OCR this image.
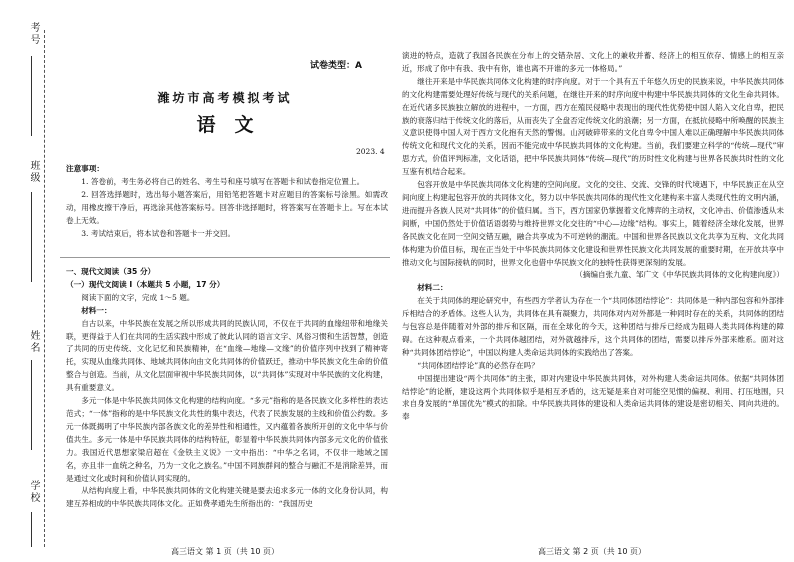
考号
班级
姓名
学校
试卷类型：A
潍坊市高考模拟考试
语　文
2023. 4

注意事项：

1. 答卷前，考生务必将自己的姓名、考生号和座号填写在答题卡和试卷指定位置上。

2. 回答选择题时，选出每小题答案后，用铅笔把答题卡对应题目的答案标号涂黑。如需改动，用橡皮擦干净后，再选涂其他答案标号。回答非选择题时，将答案写在答题卡上。写在本试卷上无效。

3. 考试结束后，将本试卷和答题卡一并交回。

一、现代文阅读（35 分）

（一）现代文阅读 Ⅰ（本题共 5 小题，17 分）

阅读下面的文字，完成 1～5 题。

材料一：

自古以来，中华民族在发展之所以形成共同的民族认同，不仅在于共同的血缘纽带和地缘关联，更得益于人们在共同的生活实践中形成了彼此认同的语言文字、风俗习惯和生活智慧，创造了共同的历史传统、文化记忆和民族精神，在“血缘—地缘—文缘”的价值序列中找到了精神寄托，实现从血缘共同体、地域共同体向由文化共同体的价值跃迁，推动中华民族文化生命的价值整合与创造。当前，从文化层面审视中华民族共同体，以“共同体”实现对中华民族的文化构建，具有重要意义。

多元一体是中华民族共同体文化构建的结构向度。“多元”指称的是各民族文化多样性的表达范式；“一体”指称的是中华民族文化共性的集中表达，代表了民族发展的主线和价值公约数。多元一体既揭明了中华民族内部各族文化的差异性和相通性，又内蕴着各族所开创的文化中华与价值共生。多元一体是中华民族共同体的结构特征，彰显着中华民族共同体内部多元文化的价值张力。我国近代思想家梁启超在《金铁主义说》一文中指出：“中华之名词，不仅非一地域之国名，亦且非一血统之种名，乃为一文化之族名。”中国不同族群间的整合与融汇不是消除差异，而是通过文化或时间和价值认同实现的。

从结构向度上看，中华民族共同体的文化构建关键是要去追求多元一体的文化身份认同，构建互养相成的中华民族共同体文化。正如费孝通先生所指出的：“我国历史

高三语文 第 1 页（共 10 页）

演进的特点，造就了我国各民族在分布上的交错杂居、文化上的兼收并蓄、经济上的相互依存、情感上的相互亲近，形成了你中有我、我中有你，谁也离不开谁的多元一体格局。”

继往开来是中华民族共同体文化构建的时序向度。对于一个具有五千年悠久历史的民族来说，中华民族共同体的文化构建需要处理好传统与现代的关系问题，在继往开来的时序向度中构建中华民族共同体的文化生命共同体。在近代诸多民族独立解放的进程中，一方面，西方在殖民侵略中表现出的现代性优势使中国人陷入文化自卑，把民族的衰落归结于传统文化的落后，从而丧失了全盘否定传统文化的浪潮；另一方面，在抵抗侵略中所唤醒的民族主义意识使得中国人对于西方文化抱有天然的警惕。山河破碎带来的文化自卑令中国人难以正确理解中华民族共同体传统文化和现代文化的关系，因而不能完成中华民族共同体的文化构建。当前，我们要建立科学的“传统—现代”审思方式，价值评判标准，文化话语，把中华民族共同体“传统—现代”的历时性文化构建与世界各民族共时性的文化互鉴有机结合起来。

包容开放是中华民族共同体文化构建的空间向度。文化的交往、交流、交锋的时代境遇下，中华民族正在从空间向度上构建起包容开放的共同体文化，努力以中华民族共同体的现代性文化建构来丰富人类现代性的文明内涵，进而提升各族人民对“共同体”的价值归属。当下，西方国家仍掌握着文化博弈的主动权，文化冲击、价值渗透从未间断，中国仍然处于价值话语弱势与维持世界文化交往的“中心—边缘”结构。事实上，随着经济全球化发展，世界各民族文化在同一空间交错互融，融合共享成为不可逆转的潮流。中国和世界各民族以文化共享为互构、文化共同体构建为价值目标，现在正当处于中华民族共同体文化建设和世界性民族文化共同发展的重要时期，在开放共享中推动文化与国际接轨的同时，世界文化也借中华民族文化的独特性获得更深刻的发展。

（摘编自张九童、邹广文《中华民族共同体的文化构建向度》）

材料二：

在关于共同体的理论研究中，有些西方学者认为存在一个“共同体团结悖论”：共同体是一种内部包容和外部排斥相结合的矛盾体。这些人认为，共同体在具有凝聚力，共同体对内对外都是一种同时存在的关系，共同体的团结与包容总是伴随着对外部的排斥和区隔，而在全球化的今天，这种团结与排斥已经成为阻碍人类共同体构建的障碍。在这种观点看来，一个共同体越团结，对外就越排斥，这个共同体的团结，需要以排斥外部来维系。面对这种“共同体团结悖论”，中国以构建人类命运共同体的实践给出了答案。

“共同体团结悖论”真的必然存在吗？

中国提出建设“两个共同体”的主张，即对内建设中华民族共同体，对外构建人类命运共同体。依据“共同体团结悖论”的论断，建设这两个共同体似乎是相互矛盾的，这无疑是来自对可能空见惯的偏视、利用、打压地围，只求自身发展的“单国优先”模式的扣除。中华民族共同体的建设和人类命运共同体的建设是密切相关、同向共进的。奉

高三语文 第 2 页（共 10 页）
